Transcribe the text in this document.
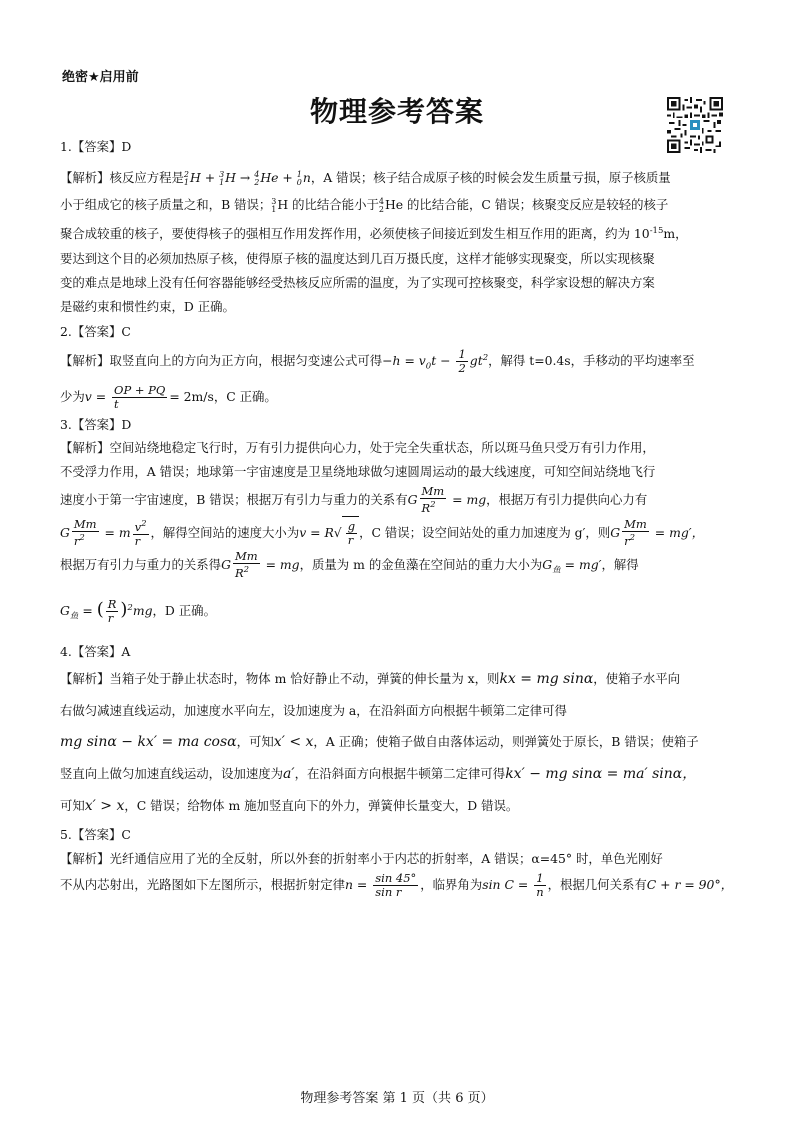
绝密★启用前
物理参考答案
1.【答案】D
【解析】核反应方程是 2
1 H + 3
1 H → 4
2 He + 1
0 n，A 错误；核子结合成原子核的时候会发生质量亏损，原子核质量
小于组成它的核子质量之和，B 错误； 3
1 H 的比结合能小于 4
2 He 的比结合能，C 错误；核聚变反应是较轻的核子
聚合成较重的核子，要使得核子的强相互作用发挥作用，必须使核子间接近到发生相互作用的距离，约为 $10^{-15}m$，
要达到这个目的必须加热原子核，使得原子核的温度达到几百万摄氏度，这样才能够实现聚变，所以实现核聚
变的难点是地球上没有任何容器能够经受热核反应所需的温度，为了实现可控核聚变，科学家设想的解决方案
是磁约束和惯性约束，D 正确。
2.【答案】C
【解析】取竖直向上的方向为正方向，根据匀变速公式可得$-h = v_0t - \frac{1}{2} gt^2$，解得 t=0.4s，手移动的平均速率至
少为$v = \frac{OP + PQ}{t} = 2m/s$，C 正确。
3.【答案】D
【解析】空间站绕地稳定飞行时，万有引力提供向心力，处于完全失重状态，所以斑马鱼只受万有引力作用，
不受浮力作用，A 错误；地球第一宇宙速度是卫星绕地球做匀速圆周运动的最大线速度，可知空间站绕地飞行
速度小于第一宇宙速度，B 错误；根据万有引力与重力的关系有G $\frac{Mm}{R^2}$ = mg，根据万有引力提供向心力有
G $\frac{Mm}{r^2} = m \frac{v^2}{r}$ ，解得空间站的速度大小为$v = R√ \frac{g}{r}$ ，C 错误；设空间站处的重力加速度为 g′，则G $\frac{Mm}{r^2} = mg'$，
根据万有引力与重力的关系得G $\frac{Mm}{R^2}$ = mg，质量为 m 的金鱼藻在空间站的重力大小为$G_鱼 = mg'$，解得
$G_鱼$ = ( $\frac{R}{r} )^2mg$，D 正确。
4.【答案】A
【解析】当箱子处于静止状态时，物体 m 恰好静止不动，弹簧的伸长量为 x，则kx = mg sinα，使箱子水平向
右做匀减速直线运动，加速度水平向左，设加速度为 a，在沿斜面方向根据牛顿第二定律可得
mg sinα − kx′ = ma cosα，可知x′ < x，A 正确；使箱子做自由落体运动，则弹簧处于原长，B 错误；使箱子
竖直向上做匀加速直线运动，设加速度为a′，在沿斜面方向根据牛顿第二定律可得kx′ − mg sinα = ma′ sinα，
可知x′ > x，C 错误；给物体 m 施加竖直向下的外力，弹簧伸长量变大，D 错误。
5.【答案】C
【解析】光纤通信应用了光的全反射，所以外套的折射率小于内芯的折射率，A 错误；α=45° 时，单色光刚好
不从内芯射出，光路图如下左图所示，根据折射定律$n = \frac{\sin 45^\circ}{\text{sin r}}$ ，临界角为$\sin C = \frac{1}{n}$ ，根据几何关系有C + r = 90°，
物理参考答案 第 1 页（共 6 页）
